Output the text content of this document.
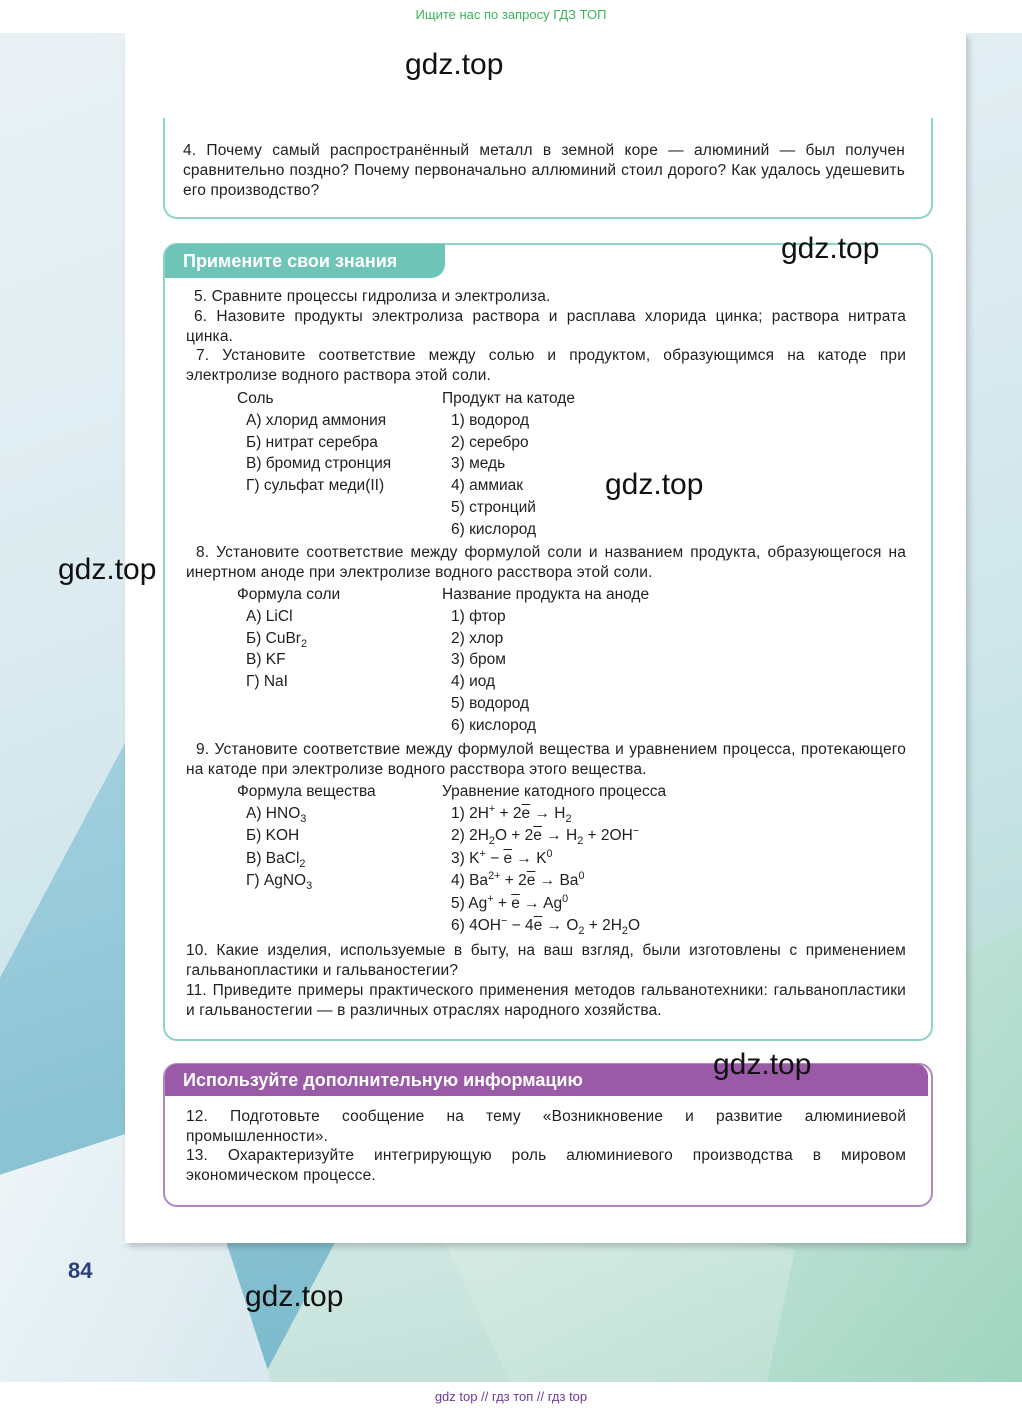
Ищите нас по запросу ГДЗ ТОП
4. Почему самый распространённый металл в земной коре — алюминий — был получен сравнительно поздно? Почему первоначально аллюминий стоил дорого? Как удалось удешевить его производство?
Примените свои знания
5. Сравните процессы гидролиза и электролиза.
6. Назовите продукты электролиза раствора и расплава хлорида цинка; раствора нитрата цинка.
7. Установите соответствие между солью и продуктом, образующимся на катоде при электролизе водного раствора этой соли.
Соль
А) хлорид аммония
Б) нитрат серебра
В) бромид стронция
Г) сульфат меди(II)
Продукт на катоде
1) водород
2) серебро
3) медь
4) аммиак
5) стронций
6) кислород
8. Установите соответствие между формулой соли и названием продукта, образующегося на инертном аноде при электролизе водного расствора этой соли.
Формула соли
А) LiCl
Б) CuBr$_2$
В) KF
Г) NaI
Название продукта на аноде
1) фтор
2) хлор
3) бром
4) иод
5) водород
6) кислород
9. Установите соответствие между формулой вещества и уравнением процесса, протекающего на катоде при электролизе водного расствора этого вещества.
Формула вещества
А) $HNO_3$
Б) KOH
В) BaCl$_2$
Г) AgNO$_3$
Уравнение катодного процесса
1) $2H^+ + 2\overline{e} \to H_2$
2) $2H_2O + 2\overline{e} \to H_2 + 2OH^-$
3) $K^+ - \overline{e} \to K^0$
4) $Ba^{2+} + 2\overline{e} \to Ba^0$
5) $Ag^+ + \overline{e} \to Ag^0$
6) $4OH^- - 4\overline{e} \to O_2 + 2H_2O$
10. Какие изделия, используемые в быту, на ваш взгляд, были изготовлены с применением гальванопластики и гальваностегии?
11. Приведите примеры практического применения методов гальванотехники: гальванопластики и гальваностегии — в различных отраслях народного хозяйства.
Используйте дополнительную информацию
12. Подготовьте сообщение на тему «Возникновение и развитие алюминиевой промышленности».
13. Охарактеризуйте интегрирующую роль алюминиевого производства в мировом экономическом процессе.
84
gdz.top
gdz.top
gdz.top
gdz.top
gdz.top
gdz.top
gdz top // гдз топ // гдз top
